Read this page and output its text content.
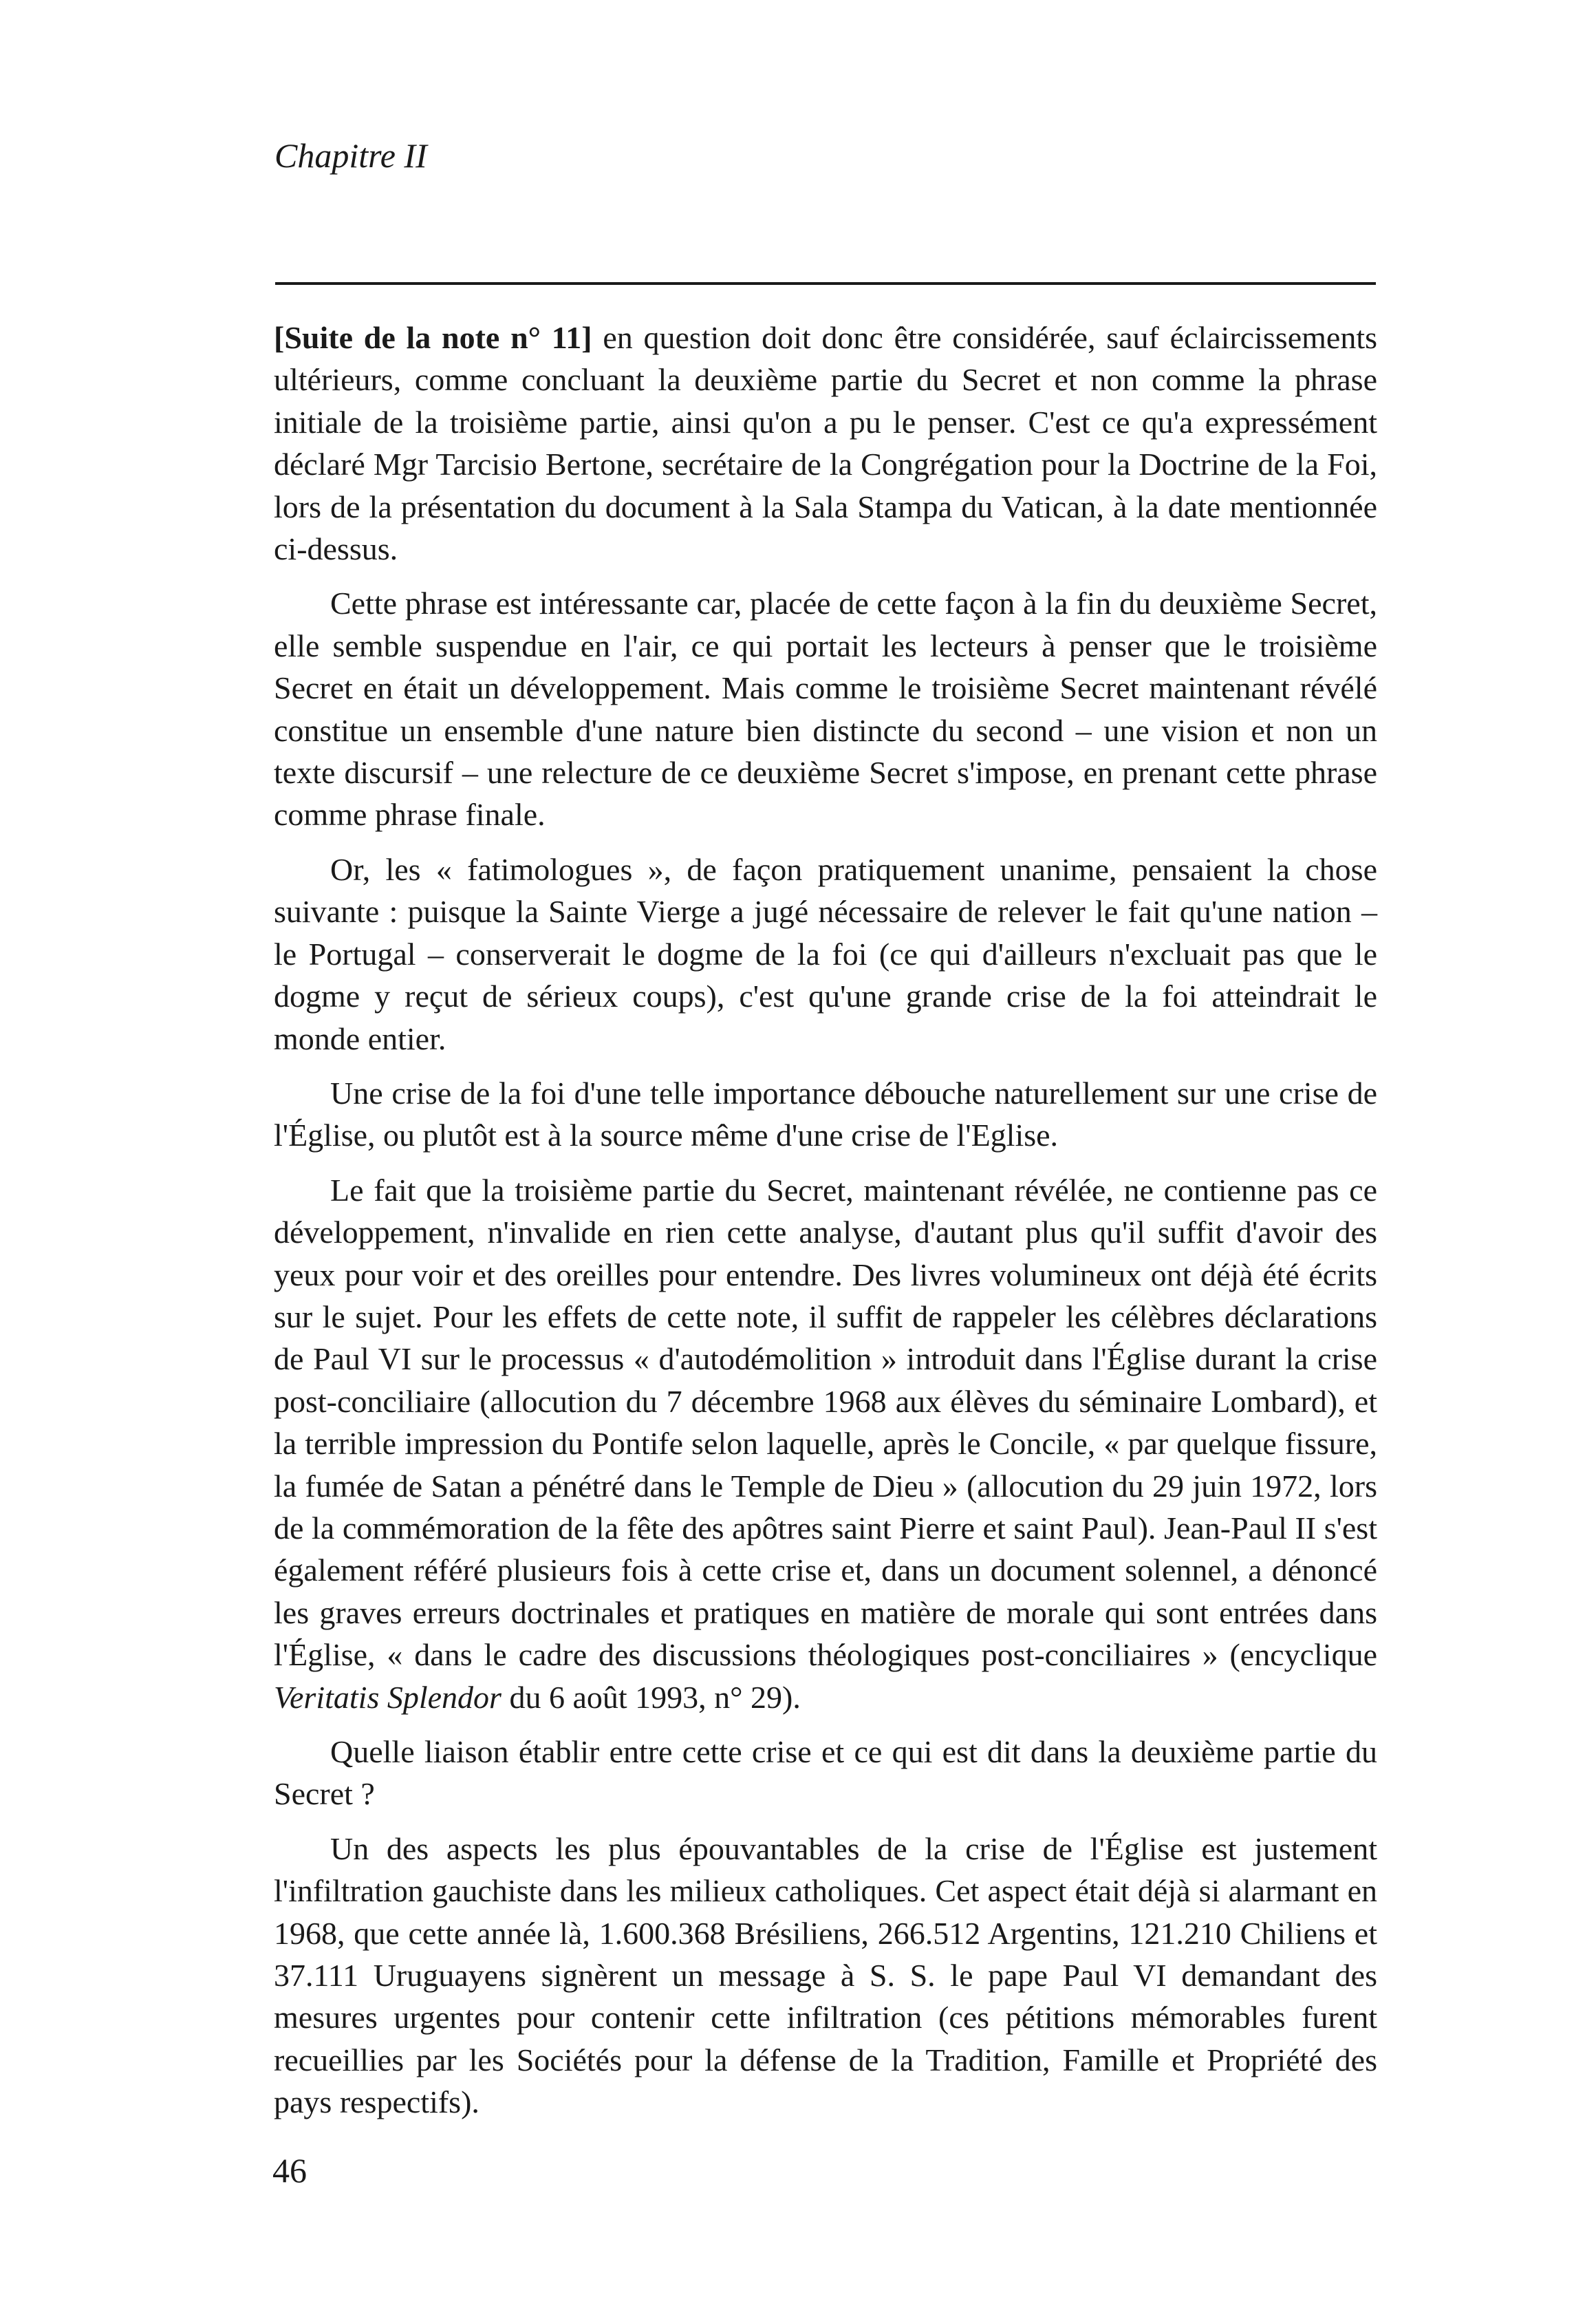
Chapitre II

[Suite de la note n° 11] en question doit donc être considérée, sauf éclaircissements ultérieurs, comme concluant la deuxième partie du Secret et non comme la phrase initiale de la troisième partie, ainsi qu'on a pu le penser. C'est ce qu'a expressément déclaré Mgr Tarcisio Bertone, secrétaire de la Congrégation pour la Doctrine de la Foi, lors de la présentation du document à la Sala Stampa du Vatican, à la date mentionnée ci-dessus.

Cette phrase est intéressante car, placée de cette façon à la fin du deuxième Secret, elle semble suspendue en l'air, ce qui portait les lecteurs à penser que le troisième Secret en était un développement. Mais comme le troisième Secret maintenant révélé constitue un ensemble d'une nature bien distincte du second – une vision et non un texte discursif – une relecture de ce deuxième Secret s'impose, en prenant cette phrase comme phrase finale.

Or, les « fatimologues », de façon pratiquement unanime, pensaient la chose suivante : puisque la Sainte Vierge a jugé nécessaire de relever le fait qu'une nation – le Portugal – conserverait le dogme de la foi (ce qui d'ailleurs n'excluait pas que le dogme y reçut de sérieux coups), c'est qu'une grande crise de la foi atteindrait le monde entier.

Une crise de la foi d'une telle importance débouche naturellement sur une crise de l'Église, ou plutôt est à la source même d'une crise de l'Eglise.

Le fait que la troisième partie du Secret, maintenant révélée, ne contienne pas ce développement, n'invalide en rien cette analyse, d'autant plus qu'il suffit d'avoir des yeux pour voir et des oreilles pour entendre. Des livres volumineux ont déjà été écrits sur le sujet. Pour les effets de cette note, il suffit de rappeler les célèbres déclarations de Paul VI sur le processus « d'autodémolition » introduit dans l'Église durant la crise post-conciliaire (allocution du 7 décembre 1968 aux élèves du séminaire Lombard), et la terrible impression du Pontife selon laquelle, après le Concile, « par quelque fissure, la fumée de Satan a pénétré dans le Temple de Dieu » (allocution du 29 juin 1972, lors de la commémoration de la fête des apôtres saint Pierre et saint Paul). Jean-Paul II s'est également référé plusieurs fois à cette crise et, dans un document solennel, a dénoncé les graves erreurs doctrinales et pratiques en matière de morale qui sont entrées dans l'Église, « dans le cadre des discussions théologiques post-conciliaires » (encyclique Veritatis Splendor du 6 août 1993, n° 29).

Quelle liaison établir entre cette crise et ce qui est dit dans la deuxième partie du Secret ?

Un des aspects les plus épouvantables de la crise de l'Église est justement l'infiltration gauchiste dans les milieux catholiques. Cet aspect était déjà si alarmant en 1968, que cette année là, 1.600.368 Brésiliens, 266.512 Argentins, 121.210 Chiliens et 37.111 Uruguayens signèrent un message à S. S. le pape Paul VI demandant des mesures urgentes pour contenir cette infiltration (ces pétitions mémorables furent recueillies par les Sociétés pour la défense de la Tradition, Famille et Propriété des pays respectifs).

46
